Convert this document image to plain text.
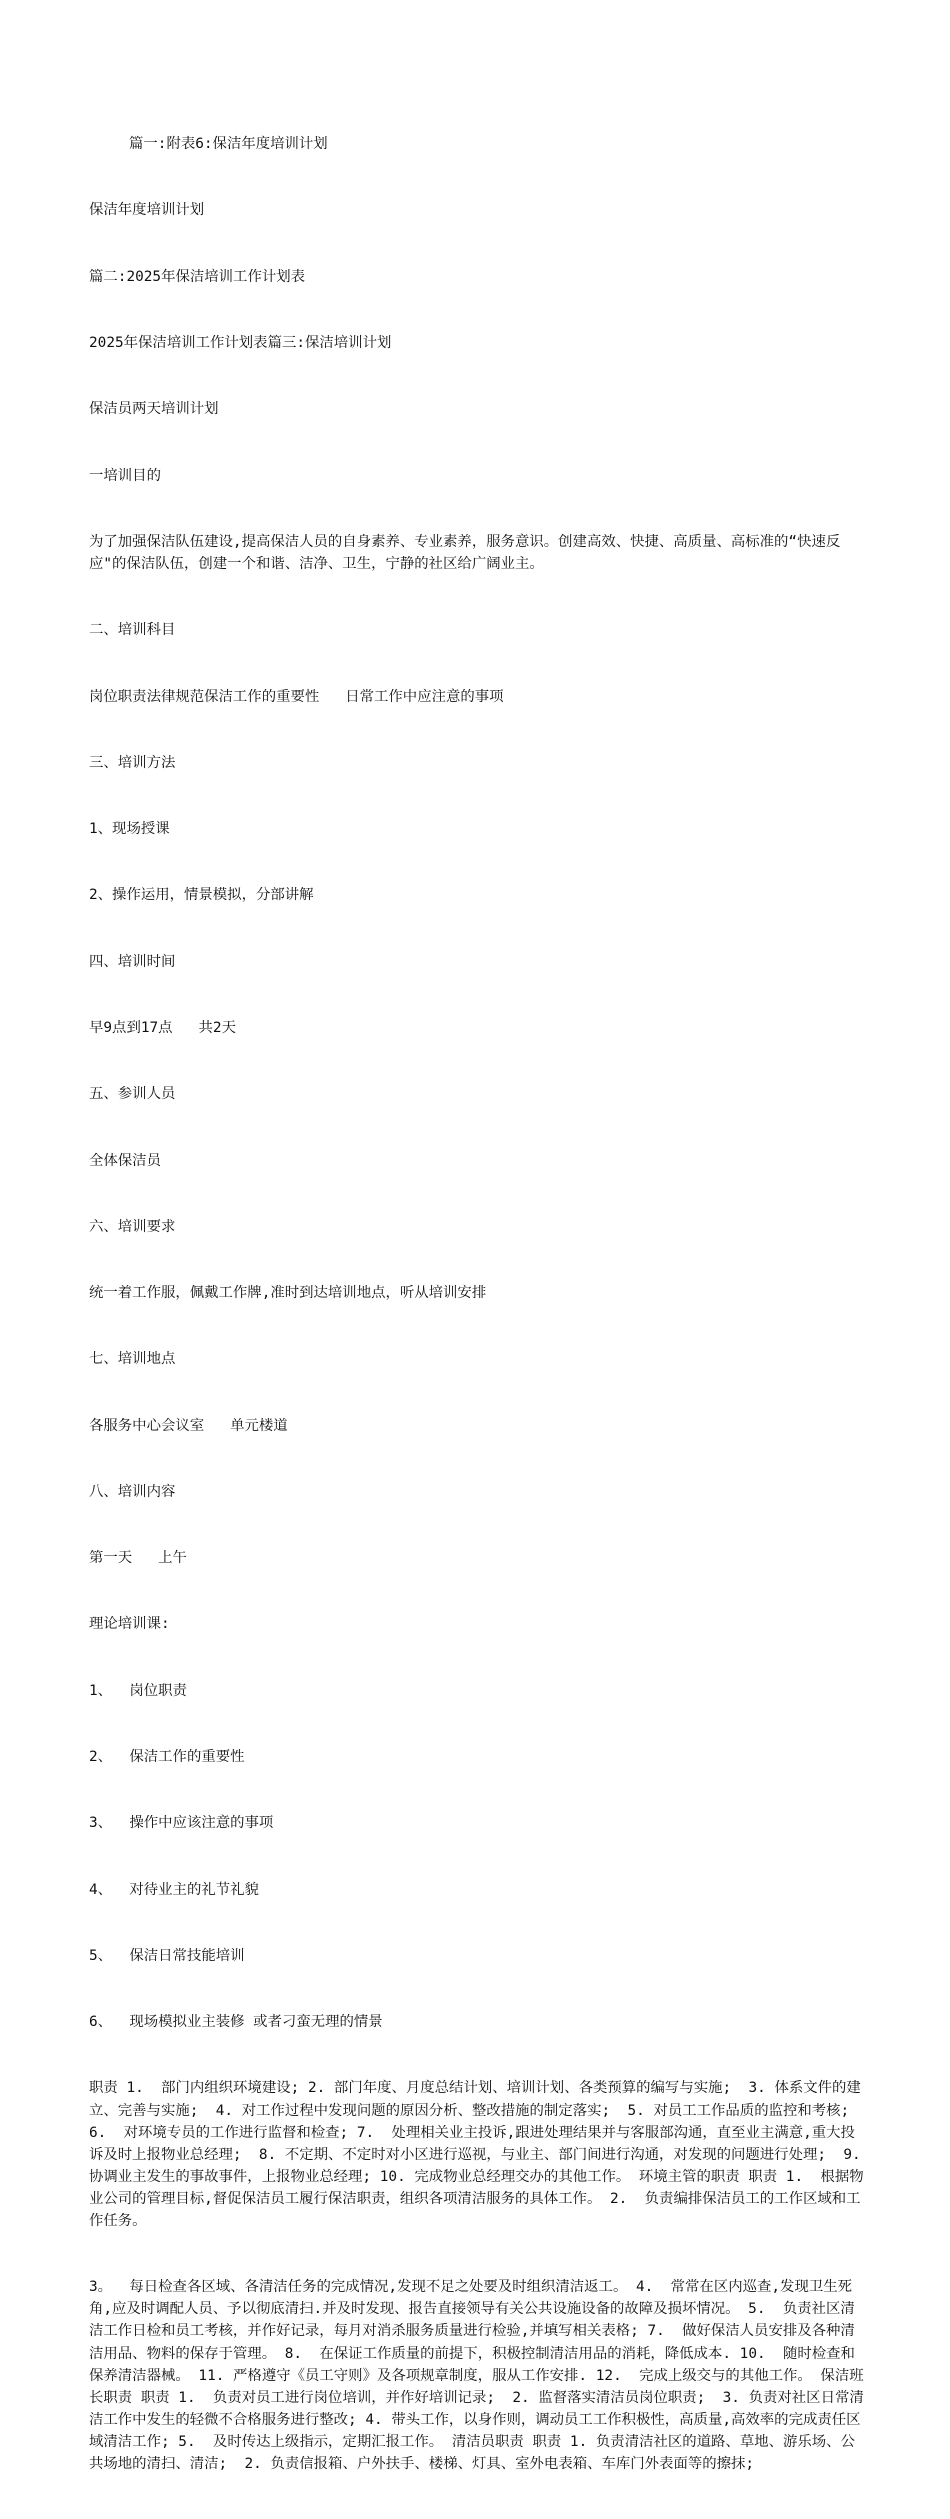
篇一:附表6:保洁年度培训计划

保洁年度培训计划

篇二:2025年保洁培训工作计划表

2025年保洁培训工作计划表篇三:保洁培训计划

保洁员两天培训计划

一培训目的

为了加强保洁队伍建设,提高保洁人员的自身素养、专业素养，服务意识。创建高效、快捷、高质量、高标准的“快速反应"的保洁队伍，创建一个和谐、洁净、卫生，宁静的社区给广阔业主。

二、培训科目

岗位职责法律规范保洁工作的重要性   日常工作中应注意的事项

三、培训方法

1、现场授课

2、操作运用，情景模拟，分部讲解

四、培训时间

早9点到17点   共2天

五、参训人员

全体保洁员

六、培训要求

统一着工作服，佩戴工作牌,准时到达培训地点，听从培训安排

七、培训地点

各服务中心会议室   单元楼道

八、培训内容

第一天   上午

理论培训课:

1、  岗位职责

2、  保洁工作的重要性

3、  操作中应该注意的事项

4、  对待业主的礼节礼貌

5、  保洁日常技能培训

6、  现场模拟业主装修 或者刁蛮无理的情景

职责 1.  部门内组织环境建设; 2. 部门年度、月度总结计划、培训计划、各类预算的编写与实施;  3. 体系文件的建立、完善与实施;  4. 对工作过程中发现问题的原因分析、整改措施的制定落实;  5. 对员工工作品质的监控和考核;  6.  对环境专员的工作进行监督和检查; 7.  处理相关业主投诉,跟进处理结果并与客服部沟通，直至业主满意,重大投诉及时上报物业总经理;  8. 不定期、不定时对小区进行巡视，与业主、部门间进行沟通，对发现的问题进行处理;  9. 协调业主发生的事故事件，上报物业总经理; 10. 完成物业总经理交办的其他工作。 环境主管的职责 职责 1.  根据物业公司的管理目标,督促保洁员工履行保洁职责，组织各项清洁服务的具体工作。 2.  负责编排保洁员工的工作区域和工作任务。

3。  每日检查各区域、各清洁任务的完成情况,发现不足之处要及时组织清洁返工。 4.  常常在区内巡查,发现卫生死角,应及时调配人员、予以彻底清扫.并及时发现、报告直接领导有关公共设施设备的故障及损坏情况。 5.  负责社区清洁工作日检和员工考核，并作好记录，每月对消杀服务质量进行检验,并填写相关表格; 7.  做好保洁人员安排及各种清洁用品、物料的保存于管理。 8.  在保证工作质量的前提下，积极控制清洁用品的消耗，降低成本. 10.  随时检查和保养清洁器械。 11. 严格遵守《员工守则》及各项规章制度，服从工作安排. 12.  完成上级交与的其他工作。 保洁班长职责 职责 1.  负责对员工进行岗位培训，并作好培训记录;  2. 监督落实清洁员岗位职责;  3. 负责对社区日常清洁工作中发生的轻微不合格服务进行整改; 4. 带头工作，以身作则，调动员工工作积极性，高质量,高效率的完成责任区域清洁工作; 5.  及时传达上级指示，定期汇报工作。 清洁员职责 职责 1. 负责清洁社区的道路、草地、游乐场、公共场地的清扫、清洁;  2. 负责信报箱、户外扶手、楼梯、灯具、室外电表箱、车库门外表面等的擦抹;
